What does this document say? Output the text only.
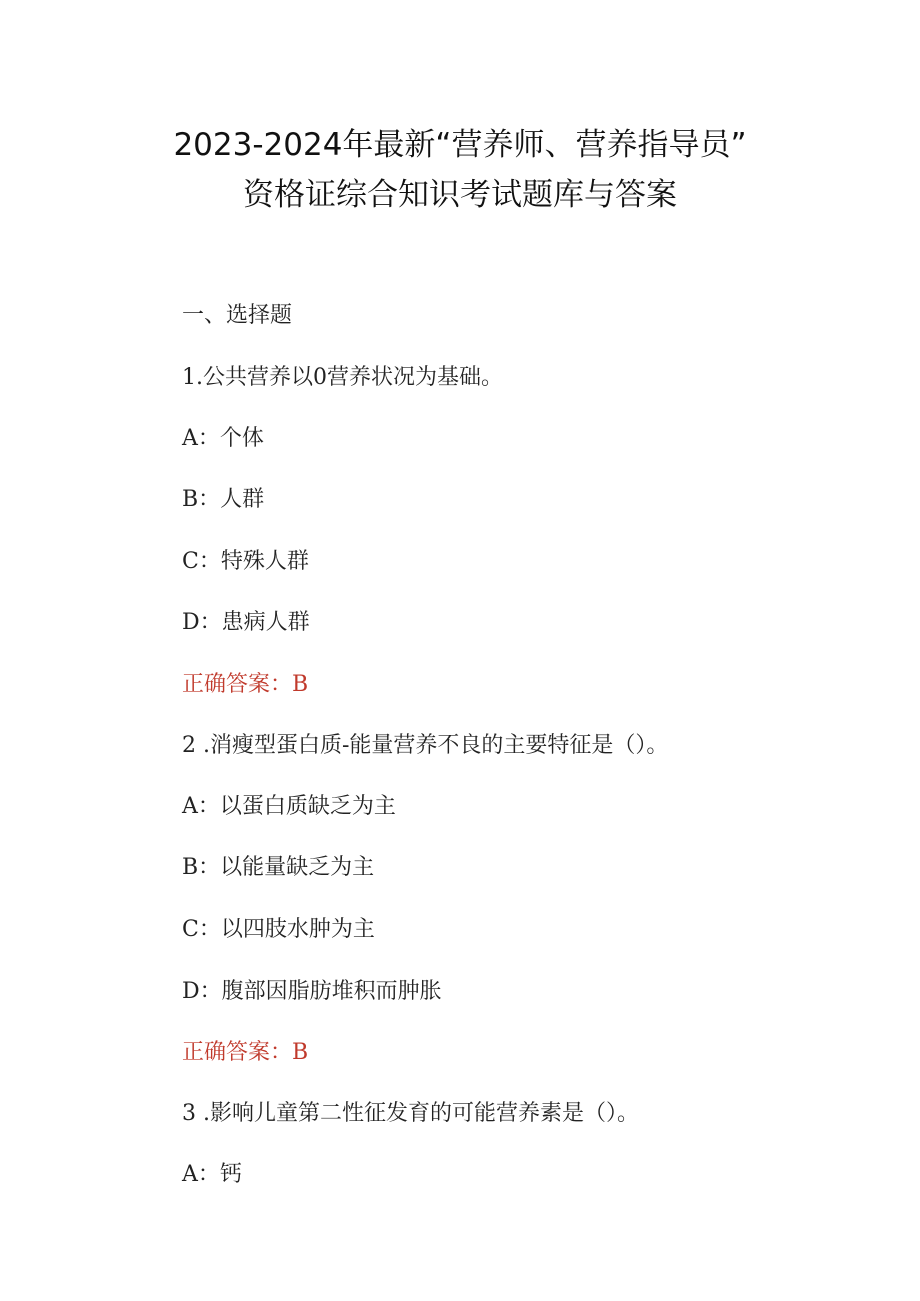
2023-2024年最新“营养师、营养指导员”
资格证综合知识考试题库与答案
一、选择题
1.公共营养以0营养状况为基础。
A：个体
B：人群
C：特殊人群
D：患病人群
正确答案：B
2 .消瘦型蛋白质-能量营养不良的主要特征是（）。
A：以蛋白质缺乏为主
B：以能量缺乏为主
C：以四肢水肿为主
D：腹部因脂肪堆积而肿胀
正确答案：B
3 .影响儿童第二性征发育的可能营养素是（）。
A：钙
